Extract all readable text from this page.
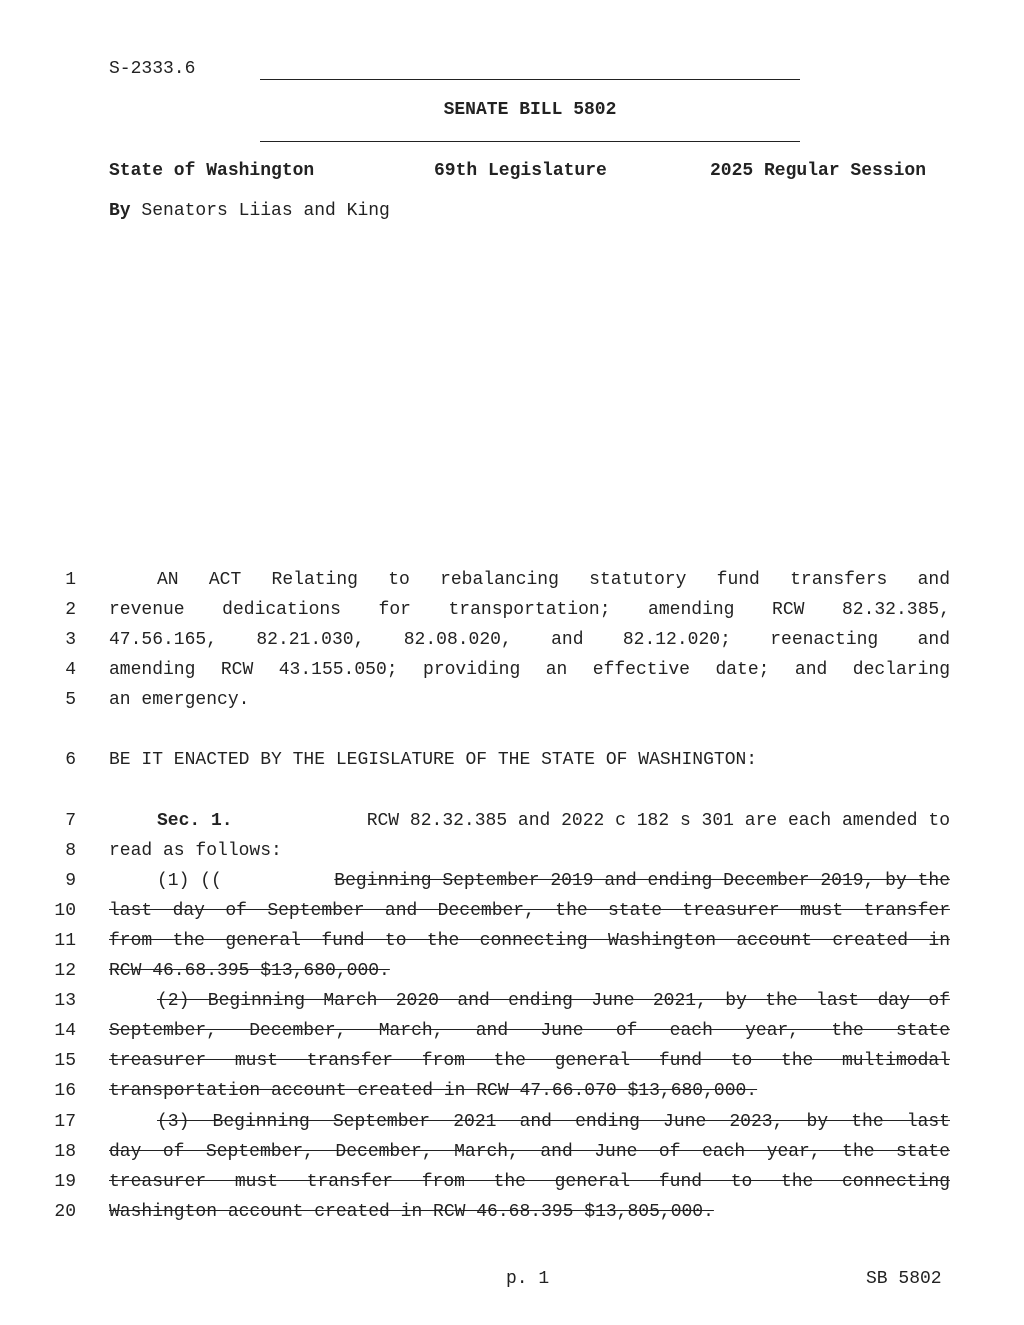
S-2333.6
SENATE BILL 5802
State of Washington	69th Legislature	2025 Regular Session
By Senators Liias and King
1
2
3
4
5
6
7
8
9
10
11
12
13
14
15
16
17
18
19
20
AN ACT Relating to rebalancing statutory fund transfers and
revenue dedications for transportation; amending RCW 82.32.385,
47.56.165, 82.21.030, 82.08.020, and 82.12.020; reenacting and
amending RCW 43.155.050; providing an effective date; and declaring
an emergency.
BE IT ENACTED BY THE LEGISLATURE OF THE STATE OF WASHINGTON:
Sec. 1.	RCW 82.32.385 and 2022 c 182 s 301 are each amended to
read as follows:
(1) ((	Beginning September 2019 and ending December 2019, by the
last day of September and December, the state treasurer must transfer
from the general fund to the connecting Washington account created in
RCW 46.68.395 $13,680,000.
(2) Beginning March 2020 and ending June 2021, by the last day of
September, December, March, and June of each year, the state
treasurer must transfer from the general fund to the multimodal
transportation account created in RCW 47.66.070 $13,680,000.
(3) Beginning September 2021 and ending June 2023, by the last
day of September, December, March, and June of each year, the state
treasurer must transfer from the general fund to the connecting
Washington account created in RCW 46.68.395 $13,805,000.
p. 1	SB 5802
